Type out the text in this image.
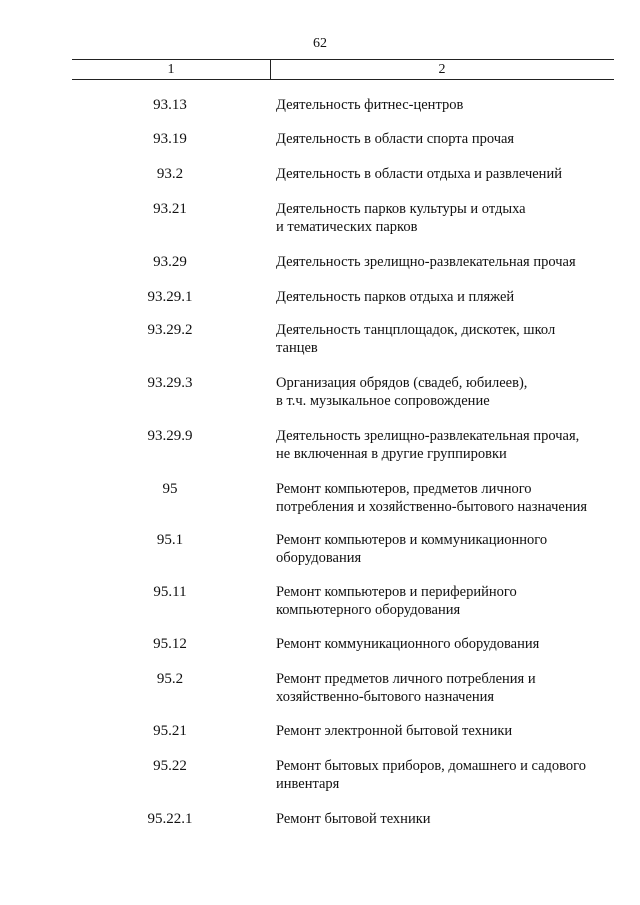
62
1	2
93.13	Деятельность фитнес-центров
93.19	Деятельность в области спорта прочая
93.2	Деятельность в области отдыха и развлечений
93.21	Деятельность парков культуры и отдыха
и тематических парков
93.29	Деятельность зрелищно-развлекательная прочая
93.29.1	Деятельность парков отдыха и пляжей
93.29.2	Деятельность танцплощадок, дискотек, школ
танцев
93.29.3	Организация обрядов (свадеб, юбилеев),
в т.ч. музыкальное сопровождение
93.29.9	Деятельность зрелищно-развлекательная прочая,
не включенная в другие группировки
95	Ремонт компьютеров, предметов личного
потребления и хозяйственно-бытового назначения
95.1	Ремонт компьютеров и коммуникационного
оборудования
95.11	Ремонт компьютеров и периферийного
компьютерного оборудования
95.12	Ремонт коммуникационного оборудования
95.2	Ремонт предметов личного потребления и
хозяйственно-бытового назначения
95.21	Ремонт электронной бытовой техники
95.22	Ремонт бытовых приборов, домашнего и садового
инвентаря
95.22.1	Ремонт бытовой техники
